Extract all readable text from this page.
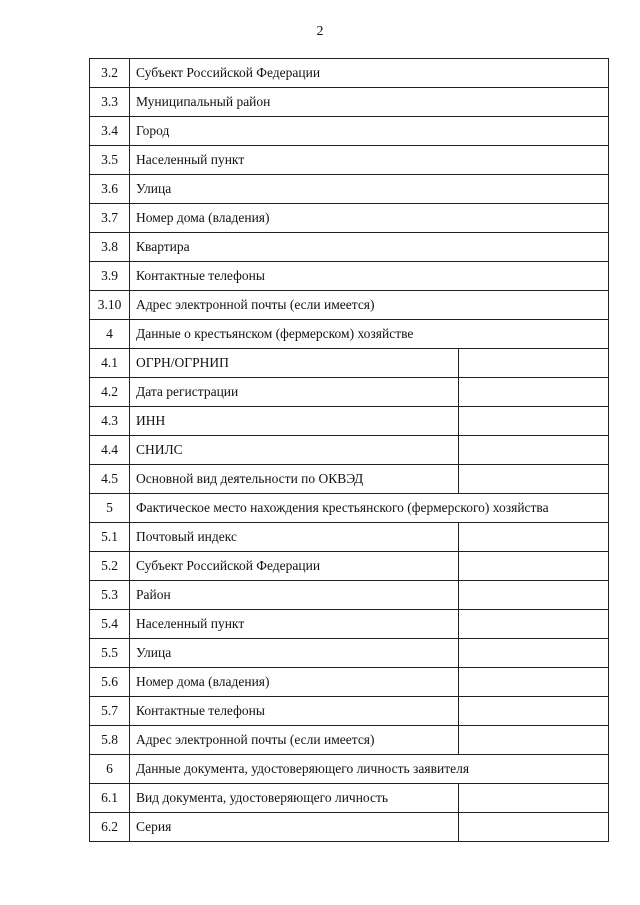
2
3.2	Субъект Российской Федерации	
3.3	Муниципальный район	
3.4	Город	
3.5	Населенный пункт	
3.6	Улица	
3.7	Номер дома (владения)	
3.8	Квартира	
3.9	Контактные телефоны	
3.10	Адрес электронной почты (если имеется)	
4	Данные о крестьянском (фермерском) хозяйстве	
4.1	ОГРН/ОГРНИП	
4.2	Дата регистрации	
4.3	ИНН	
4.4	СНИЛС	
4.5	Основной вид деятельности по ОКВЭД	
5	Фактическое место нахождения крестьянского (фермерского) хозяйства	
5.1	Почтовый индекс	
5.2	Субъект Российской Федерации	
5.3	Район	
5.4	Населенный пункт	
5.5	Улица	
5.6	Номер дома (владения)	
5.7	Контактные телефоны	
5.8	Адрес электронной почты (если имеется)	
6	Данные документа, удостоверяющего личность заявителя	
6.1	Вид документа, удостоверяющего личность	
6.2	Серия	
